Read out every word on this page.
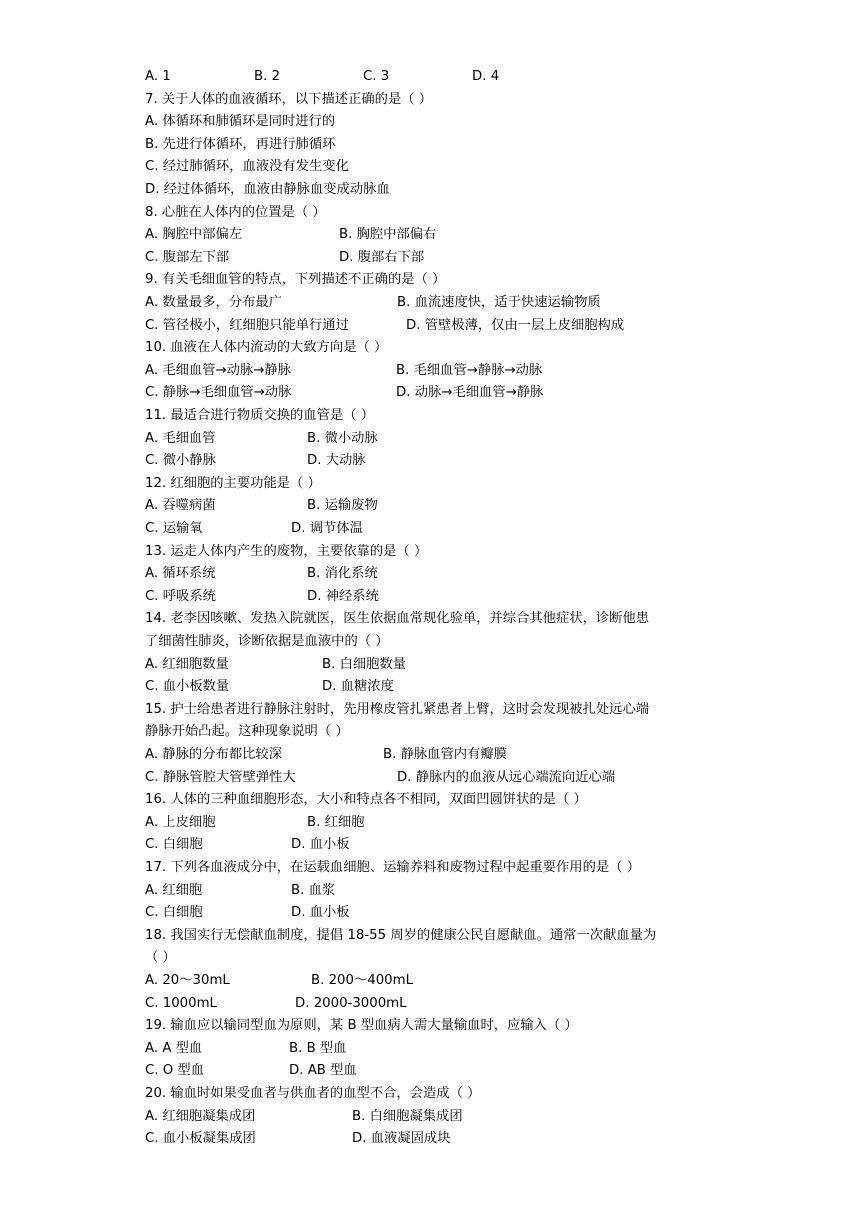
A. 1	B. 2	C. 3	D. 4
7. 关于人体的血液循环，以下描述正确的是（ ）
A. 体循环和肺循环是同时进行的
B. 先进行体循环，再进行肺循环
C. 经过肺循环，血液没有发生变化
D. 经过体循环，血液由静脉血变成动脉血
8. 心脏在人体内的位置是（ ）
A. 胸腔中部偏左	B. 胸腔中部偏右
C. 腹部左下部	D. 腹部右下部
9. 有关毛细血管的特点，下列描述不正确的是（ ）
A. 数量最多，分布最广	B. 血流速度快，适于快速运输物质
C. 管径极小，红细胞只能单行通过	D. 管壁极薄，仅由一层上皮细胞构成
10. 血液在人体内流动的大致方向是（ ）
A. 毛细血管→动脉→静脉	B. 毛细血管→静脉→动脉
C. 静脉→毛细血管→动脉	D. 动脉→毛细血管→静脉
11. 最适合进行物质交换的血管是（ ）
A. 毛细血管	B. 微小动脉
C. 微小静脉	D. 大动脉
12. 红细胞的主要功能是（ ）
A. 吞噬病菌	B. 运输废物
C. 运输氧	D. 调节体温
13. 运走人体内产生的废物，主要依靠的是（ ）
A. 循环系统	B. 消化系统
C. 呼吸系统	D. 神经系统
14. 老李因咳嗽、发热入院就医，医生依据血常规化验单，并综合其他症状，诊断他患
了细菌性肺炎，诊断依据是血液中的（ ）
A. 红细胞数量	B. 白细胞数量
C. 血小板数量	D. 血糖浓度
15. 护士给患者进行静脉注射时，先用橡皮管扎紧患者上臂，这时会发现被扎处远心端
静脉开始凸起。这种现象说明（ ）
A. 静脉的分布都比较深	B. 静脉血管内有瓣膜
C. 静脉管腔大管壁弹性大	D. 静脉内的血液从远心端流向近心端
16. 人体的三种血细胞形态，大小和特点各不相同，双面凹圆饼状的是（ ）
A. 上皮细胞	B. 红细胞
C. 白细胞	D. 血小板
17. 下列各血液成分中，在运载血细胞、运输养料和废物过程中起重要作用的是（ ）
A. 红细胞	B. 血浆
C. 白细胞	D. 血小板
18. 我国实行无偿献血制度，提倡 18-55 周岁的健康公民自愿献血。通常一次献血量为
（ ）
A. 20～30mL	B. 200～400mL
C. 1000mL	D. 2000-3000mL
19. 输血应以输同型血为原则，某 B 型血病人需大量输血时，应输入（ ）
A. A 型血	B. B 型血
C. O 型血	D. AB 型血
20. 输血时如果受血者与供血者的血型不合，会造成（ ）
A. 红细胞凝集成团	B. 白细胞凝集成团
C. 血小板凝集成团	D. 血液凝固成块
